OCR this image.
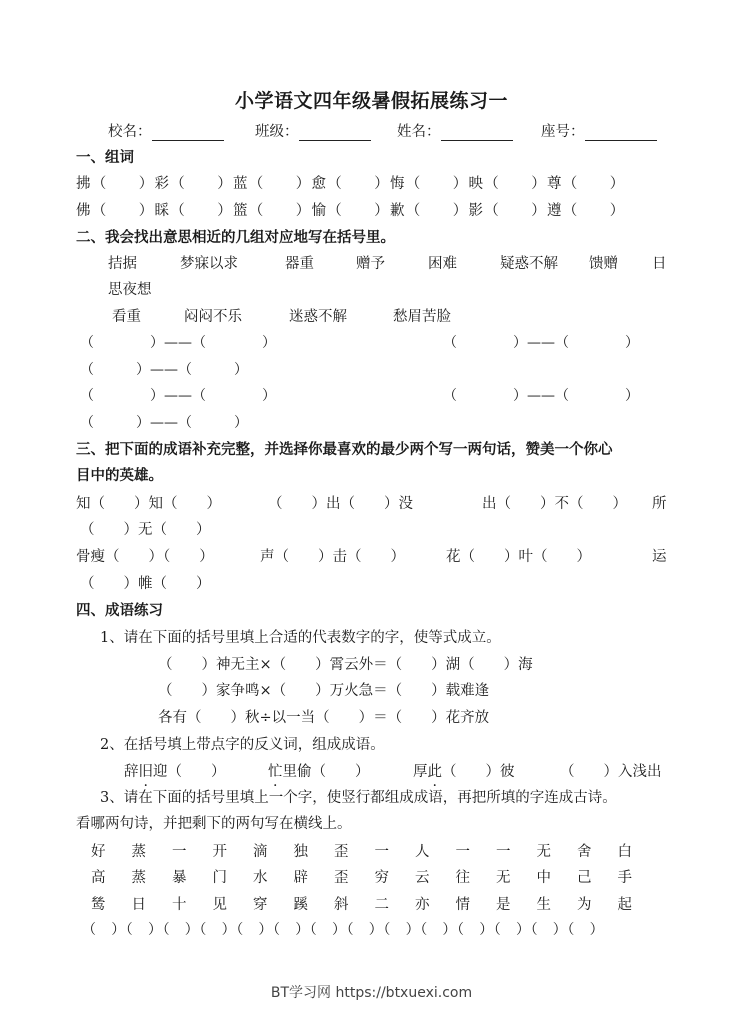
小学语文四年级暑假拓展练习一
校名：	班级：	姓名：	座号：
一、组词
拂（　　）彩（　　）蓝（　　）愈（　　）悔（　　）映（　　）尊（　　）
佛（　　）睬（　　）篮（　　）愉（　　）歉（　　）影（　　）遵（　　）
二、我会找出意思相近的几组对应地写在括号里。
拮据	梦寐以求	器重	赠予	困难	疑惑不解 馈赠 日
思夜想
看重	闷闷不乐	迷惑不解	愁眉苦脸
（　　　　）——（　　　　）	（　　　　）——（　　　　）
（　　　）——（　　　）
（　　　　）——（　　　　）	（　　　　）——（　　　　）
（　　　）——（　　　）
三、把下面的成语补充完整，并选择你最喜欢的最少两个写一两句话，赞美一个你心
目中的英雄。
知（　　）知（　　）	（　　）出（　　）没	出（　　）不（　　） 所
（　　）无（　　）
骨瘦（　　）（　　）	声（　　）击（　　）	花（　　）叶（　　）	运
（　　）帷（　　）
四、成语练习
1、请在下面的括号里填上合适的代表数字的字，使等式成立。
（　　）神无主×（　　）霄云外＝（　　）湖（　　）海
（　　）家争鸣×（　　）万火急＝（　　）载难逢
各有（　　）秋÷以一当（　　）＝（　　）花齐放
2、在括号填上带点字的反义词，组成成语。
辞旧迎（　　）	忙里偷（　　）	厚此（　　）彼	（　　）入浅出
3、请在下面的括号里填上一个字，使竖行都组成成语，再把所填的字连成古诗。
看哪两句诗，并把剩下的两句写在横线上。
好 蒸 一 开 滴 独 歪 一 人 一 一 无 舍 白
高 蒸 暴 门 水 辟 歪 穷 云 往 无 中 己 手
鸶 日 十 见 穿 蹊 斜 二 亦 情 是 生 为 起
（　）（　）（　）（　）（　）（　）（　）（　）（　）（　）（　）（　）（　）（　）
BT学习网 https://btxuexi.com
